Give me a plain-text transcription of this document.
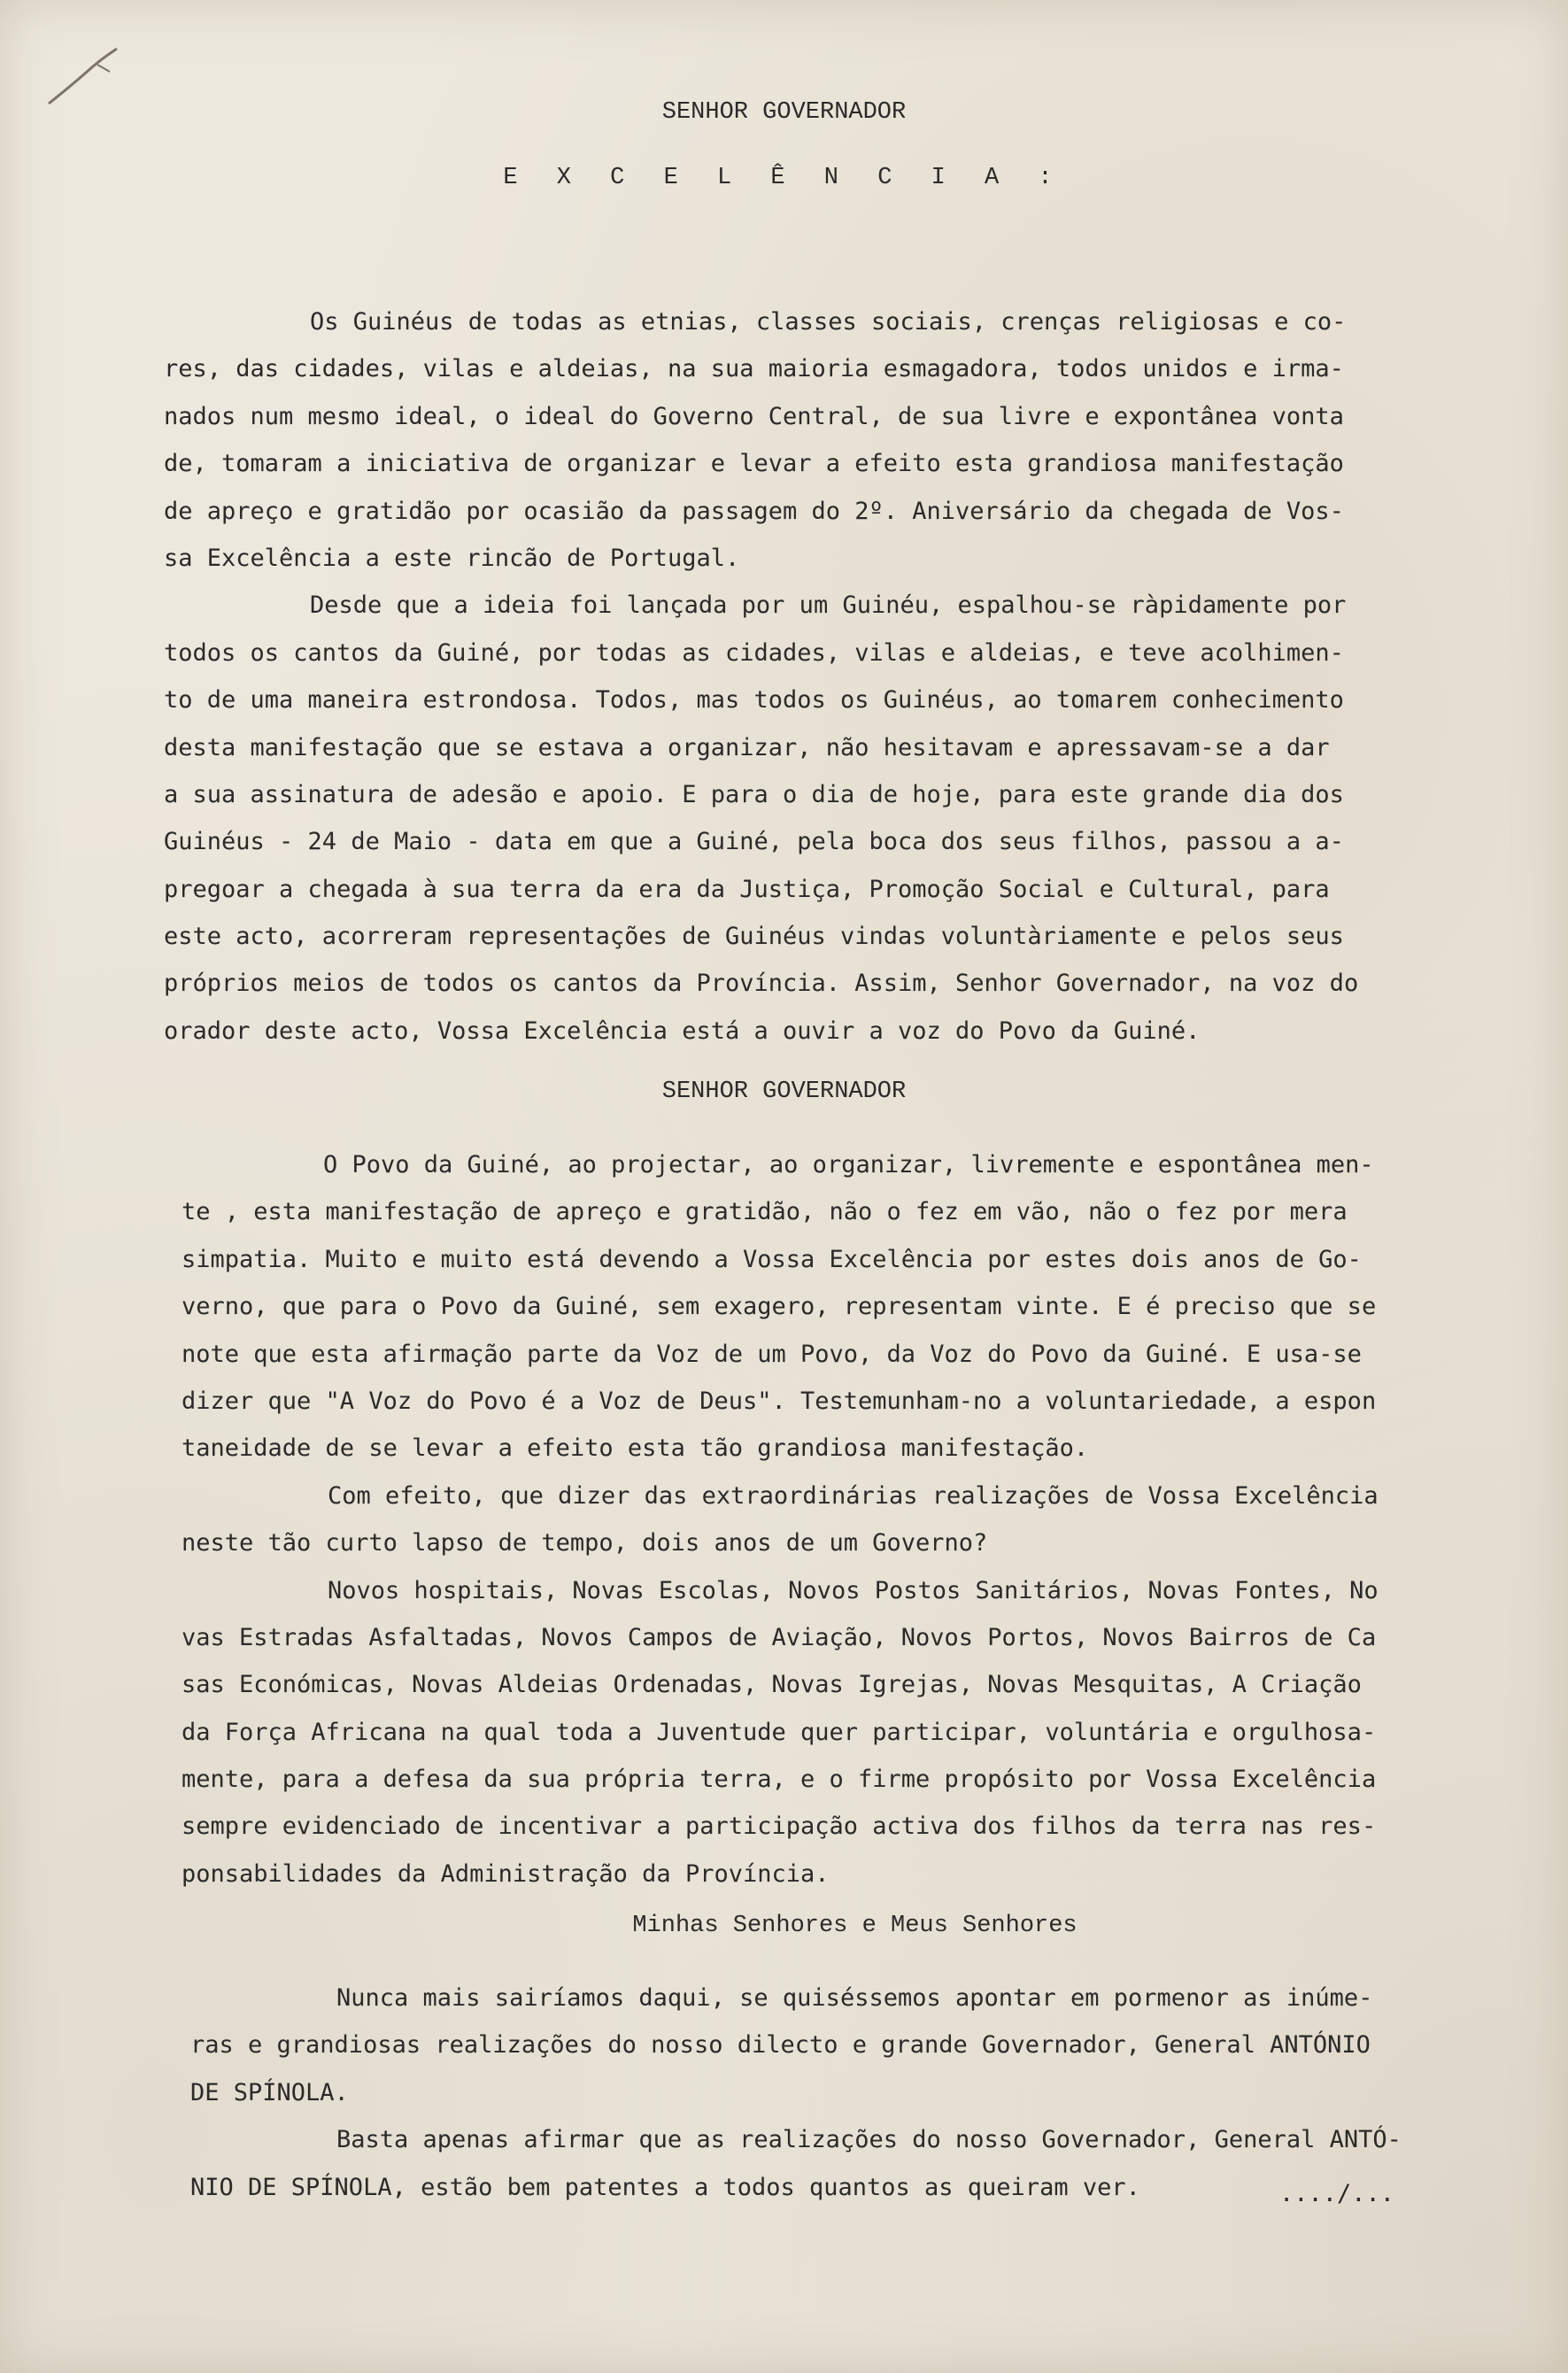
SENHOR GOVERNADOR
E X C E L Ê N C I A :
Os Guinéus de todas as etnias, classes sociais, crenças religiosas e co-
res, das cidades, vilas e aldeias, na sua maioria esmagadora, todos unidos e irma-
nados num mesmo ideal, o ideal do Governo Central, de sua livre e expontânea vonta
de, tomaram a iniciativa de organizar e levar a efeito esta grandiosa manifestação
de apreço e gratidão por ocasião da passagem do 2º. Aniversário da chegada de Vos-
sa Excelência a este rincão de Portugal.
Desde que a ideia foi lançada por um Guinéu, espalhou-se ràpidamente por
todos os cantos da Guiné, por todas as cidades, vilas e aldeias, e teve acolhimen-
to de uma maneira estrondosa. Todos, mas todos os Guinéus, ao tomarem conhecimento
desta manifestação que se estava a organizar, não hesitavam e apressavam-se a dar
a sua assinatura de adesão e apoio. E para o dia de hoje, para este grande dia dos
Guinéus - 24 de Maio - data em que a Guiné, pela boca dos seus filhos, passou a a-
pregoar a chegada à sua terra da era da Justiça, Promoção Social e Cultural, para
este acto, acorreram representações de Guinéus vindas voluntàriamente e pelos seus
próprios meios de todos os cantos da Província. Assim, Senhor Governador, na voz do
orador deste acto, Vossa Excelência está a ouvir a voz do Povo da Guiné.
SENHOR GOVERNADOR
O Povo da Guiné, ao projectar, ao organizar, livremente e espontânea men-
te , esta manifestação de apreço e gratidão, não o fez em vão, não o fez por mera
simpatia. Muito e muito está devendo a Vossa Excelência por estes dois anos de Go-
verno, que para o Povo da Guiné, sem exagero, representam vinte. E é preciso que se
note que esta afirmação parte da Voz de um Povo, da Voz do Povo da Guiné. E usa-se
dizer que "A Voz do Povo é a Voz de Deus". Testemunham-no a voluntariedade, a espon
taneidade de se levar a efeito esta tão grandiosa manifestação.
Com efeito, que dizer das extraordinárias realizações de Vossa Excelência
neste tão curto lapso de tempo, dois anos de um Governo?
Novos hospitais, Novas Escolas, Novos Postos Sanitários, Novas Fontes, No
vas Estradas Asfaltadas, Novos Campos de Aviação, Novos Portos, Novos Bairros de Ca
sas Económicas, Novas Aldeias Ordenadas, Novas Igrejas, Novas Mesquitas, A Criação
da Força Africana na qual toda a Juventude quer participar, voluntária e orgulhosa-
mente, para a defesa da sua própria terra, e o firme propósito por Vossa Excelência
sempre evidenciado de incentivar a participação activa dos filhos da terra nas res-
ponsabilidades da Administração da Província.
Minhas Senhores e Meus Senhores
Nunca mais sairíamos daqui, se quiséssemos apontar em pormenor as inúme-
ras e grandiosas realizações do nosso dilecto e grande Governador, General ANTÓNIO
DE SPÍNOLA.
Basta apenas afirmar que as realizações do nosso Governador, General ANTÓ-
NIO DE SPÍNOLA, estão bem patentes a todos quantos as queiram ver.	..../...
